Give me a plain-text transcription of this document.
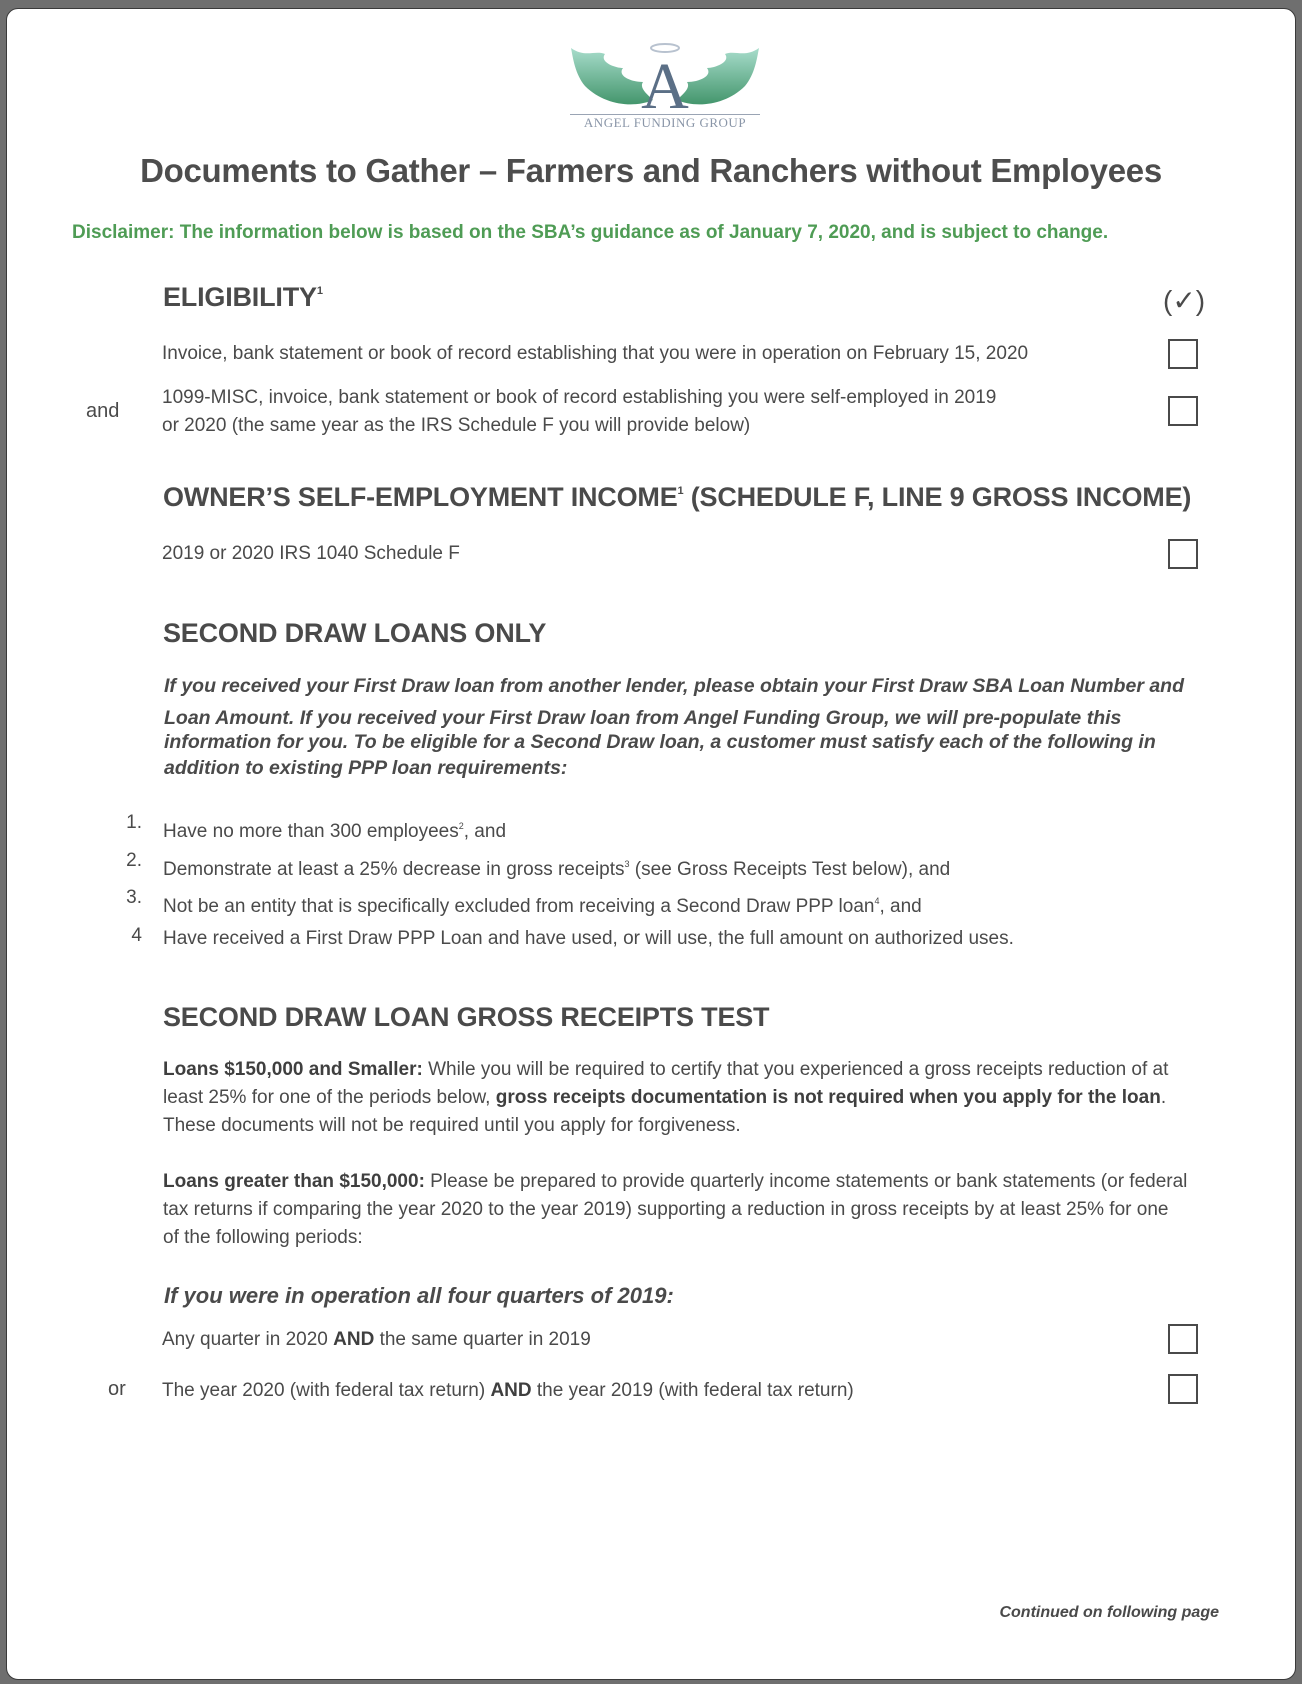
A
ANGEL FUNDING GROUP
Documents to Gather – Farmers and Ranchers without Employees
Disclaimer: The information below is based on the SBA’s guidance as of January 7, 2020, and is subject to change.
(✓)
ELIGIBILITY$^1$
Invoice, bank statement or book of record establishing that you were in operation on February 15, 2020
and
1099-MISC, invoice, bank statement or book of record establishing you were self-employed in 2019
or 2020 (the same year as the IRS Schedule F you will provide below)
OWNER’S SELF-EMPLOYMENT INCOME$^1$ (SCHEDULE F, LINE 9 GROSS INCOME)
2019 or 2020 IRS 1040 Schedule F
SECOND DRAW LOANS ONLY
If you received your First Draw loan from another lender, please obtain your First Draw SBA Loan Number and
Loan Amount. If you received your First Draw loan from Angel Funding Group, we will pre-populate this
information for you. To be eligible for a Second Draw loan, a customer must satisfy each of the following in
addition to existing PPP loan requirements:
1. Have no more than 300 employees$^2$, and
2. Demonstrate at least a 25% decrease in gross receipts$^3$ (see Gross Receipts Test below), and
3. Not be an entity that is specifically excluded from receiving a Second Draw PPP loan$^4$, and
4 Have received a First Draw PPP Loan and have used, or will use, the full amount on authorized uses.
SECOND DRAW LOAN GROSS RECEIPTS TEST
Loans $150,000 and Smaller: While you will be required to certify that you experienced a gross receipts reduction of at
least 25% for one of the periods below, gross receipts documentation is not required when you apply for the loan.
These documents will not be required until you apply for forgiveness.
Loans greater than $150,000: Please be prepared to provide quarterly income statements or bank statements (or federal
tax returns if comparing the year 2020 to the year 2019) supporting a reduction in gross receipts by at least 25% for one
of the following periods:
If you were in operation all four quarters of 2019:
Any quarter in 2020 AND the same quarter in 2019
or The year 2020 (with federal tax return) AND the year 2019 (with federal tax return)
Continued on following page
